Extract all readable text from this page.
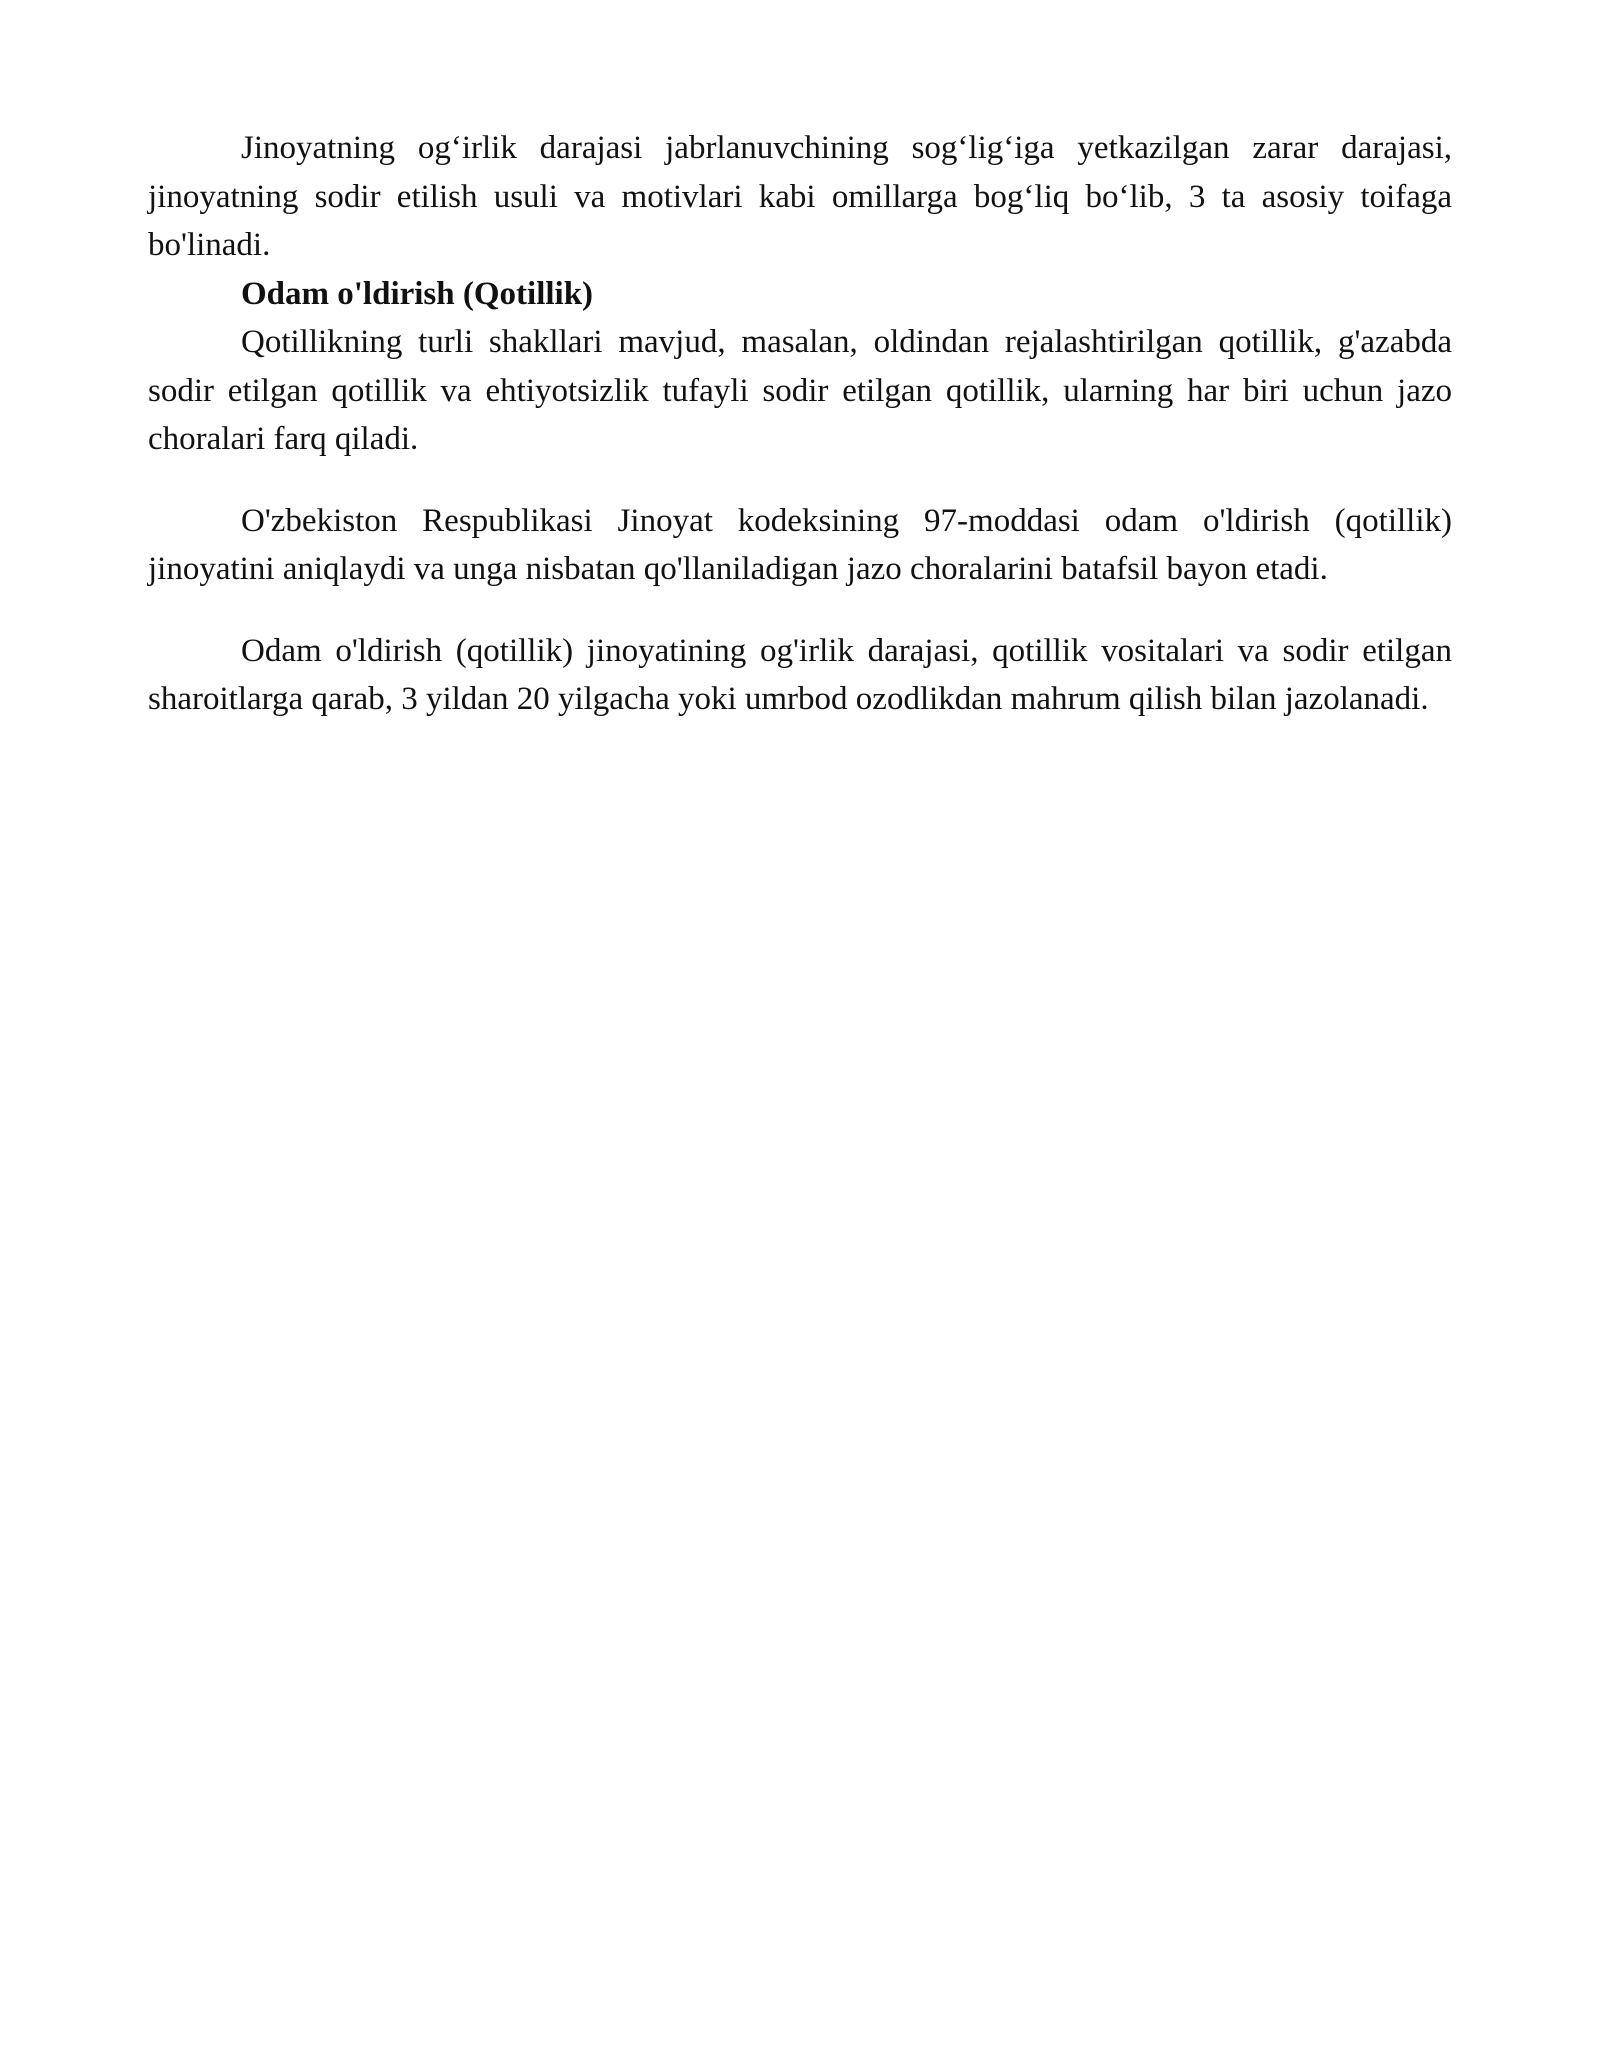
Jinoyatning og‘irlik darajasi jabrlanuvchining sog‘lig‘iga yetkazilgan zarar darajasi, jinoyatning sodir etilish usuli va motivlari kabi omillarga bog‘liq bo‘lib, 3 ta asosiy toifaga bo'linadi.

Odam o'ldirish (Qotillik)

Qotillikning turli shakllari mavjud, masalan, oldindan rejalashtirilgan qotillik, g'azabda sodir etilgan qotillik va ehtiyotsizlik tufayli sodir etilgan qotillik, ularning har biri uchun jazo choralari farq qiladi.

O'zbekiston Respublikasi Jinoyat kodeksining 97-moddasi odam o'ldirish (qotillik) jinoyatini aniqlaydi va unga nisbatan qo'llaniladigan jazo choralarini batafsil bayon etadi.

Odam o'ldirish (qotillik) jinoyatining og'irlik darajasi, qotillik vositalari va sodir etilgan sharoitlarga qarab, 3 yildan 20 yilgacha yoki umrbod ozodlikdan mahrum qilish bilan jazolanadi.
